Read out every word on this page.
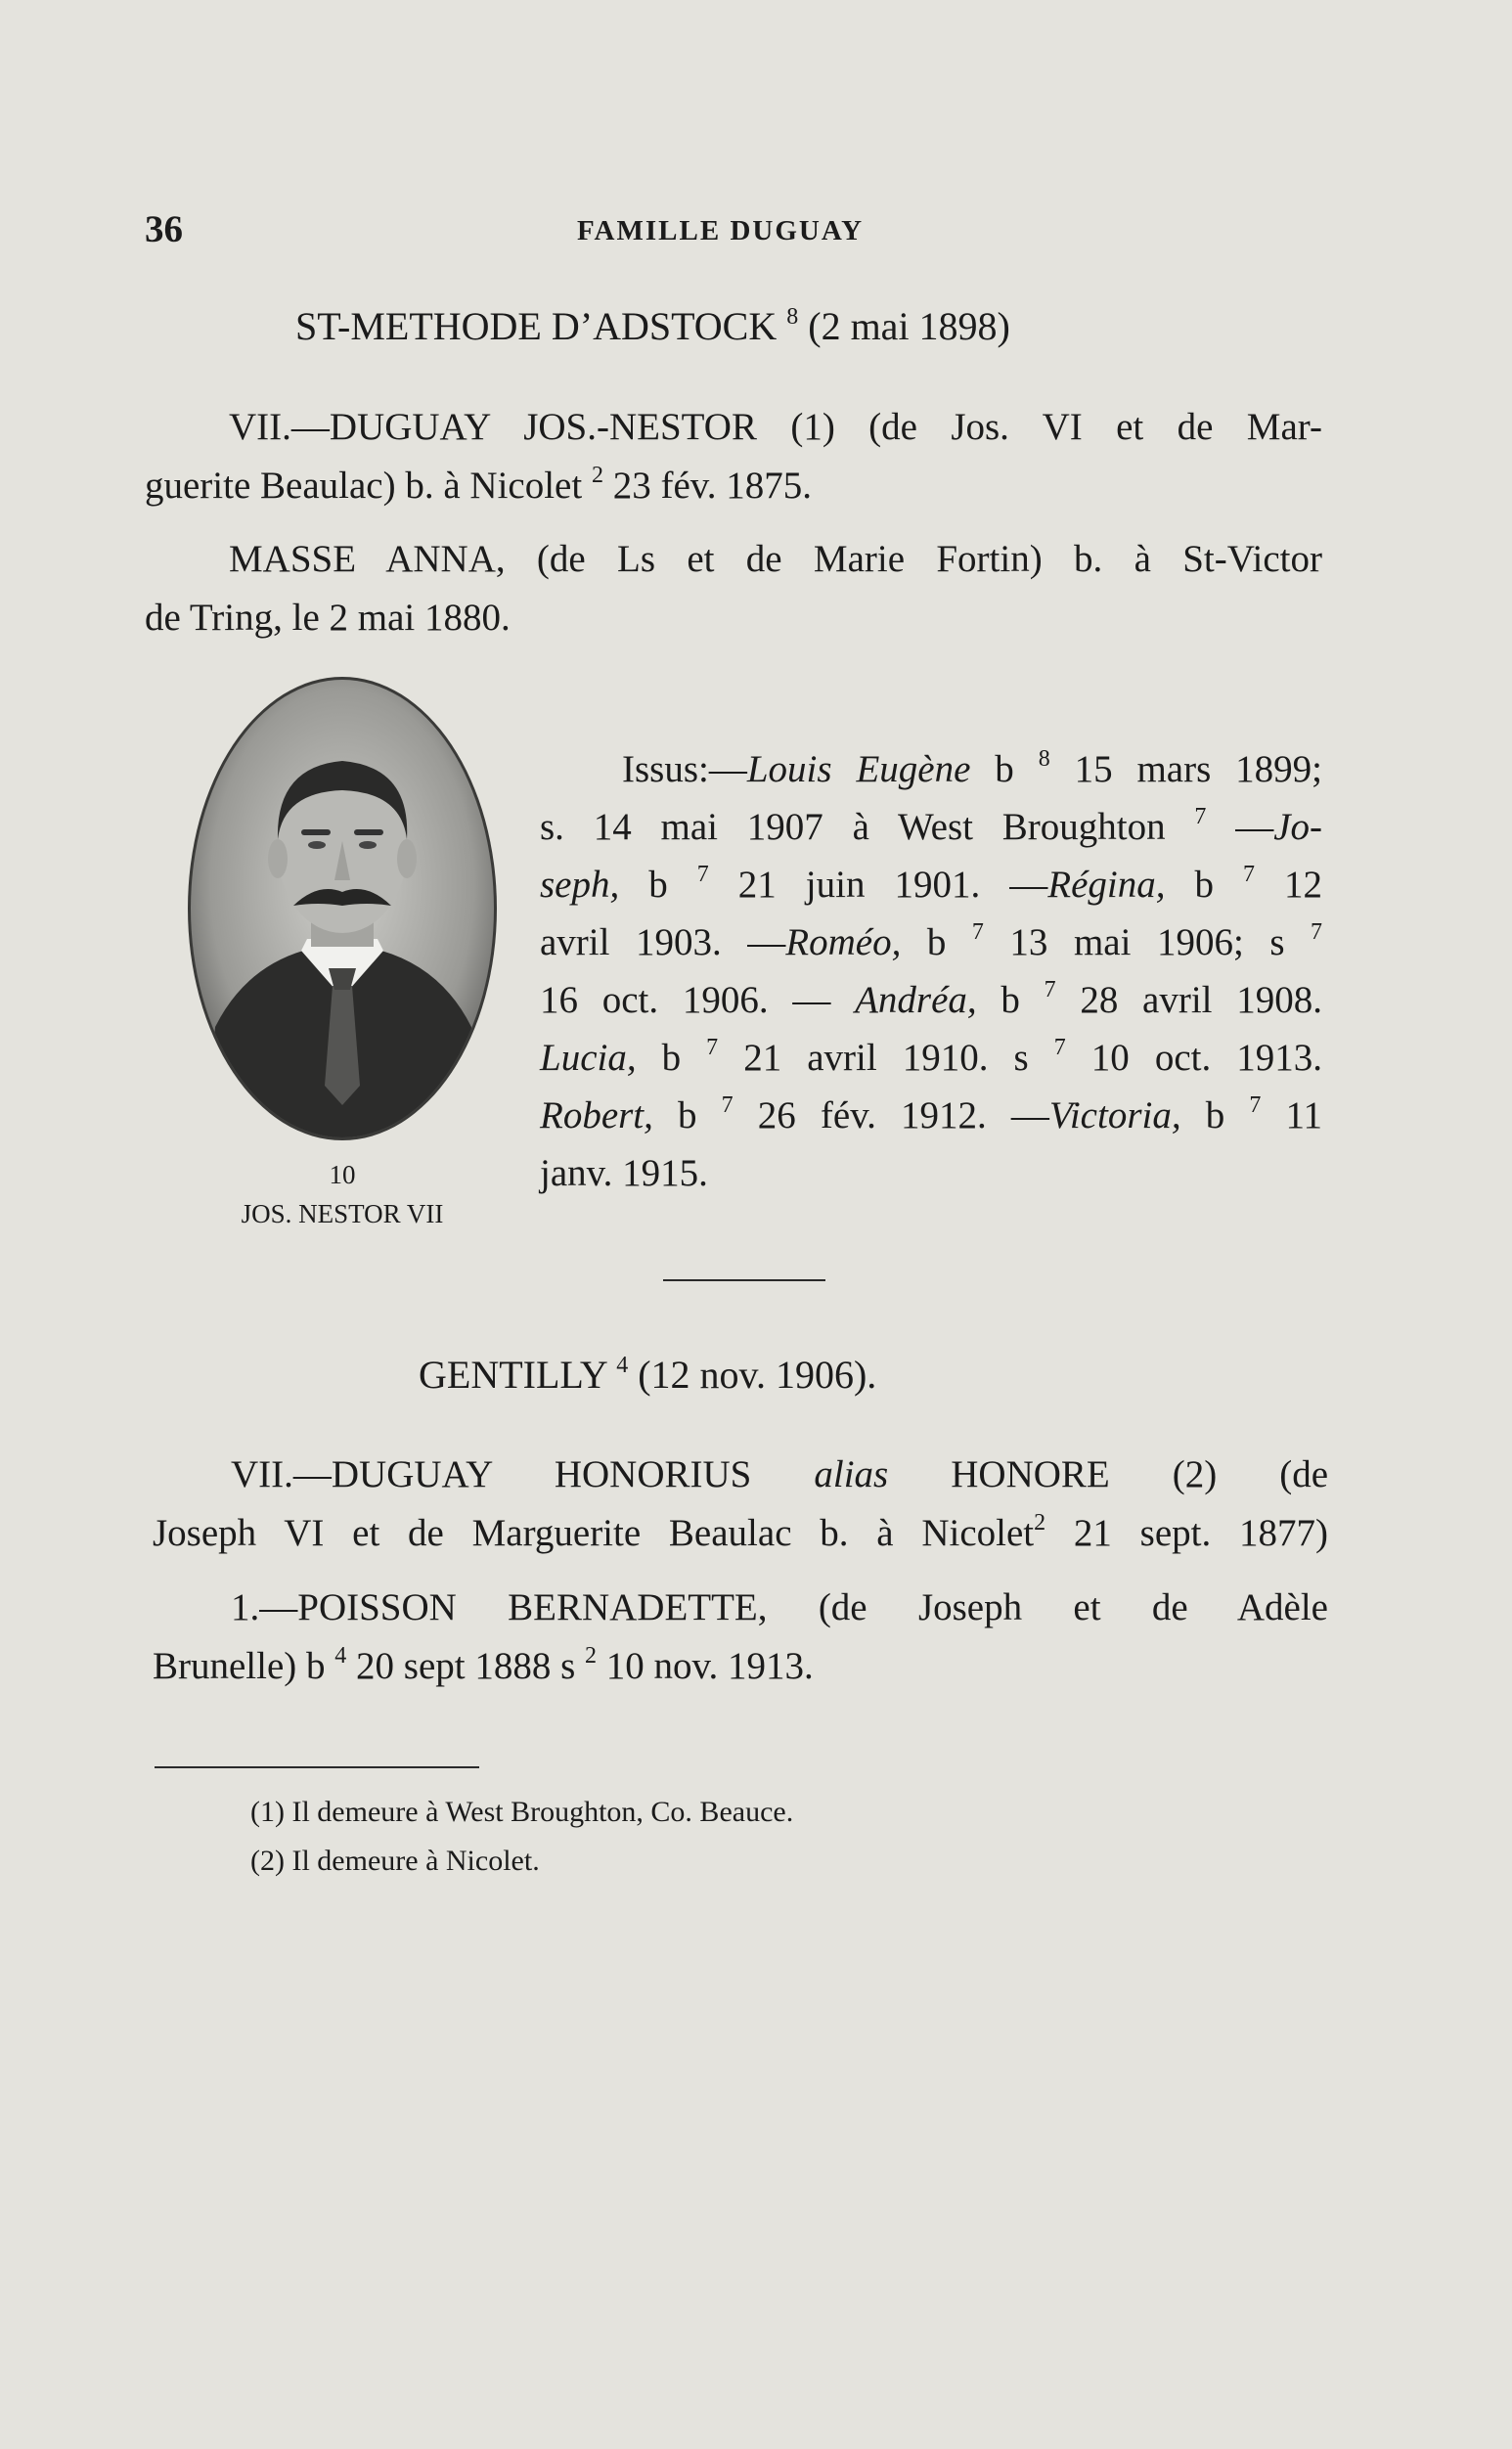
36	FAMILLE DUGUAY
ST-METHODE D’ADSTOCK $^8$ (2 mai 1898)
VII.—DUGUAY JOS.-NESTOR (1) (de Jos. VI et de Mar-
guerite Beaulac) b. à Nicolet $^2$ 23 fév. 1875.
MASSE ANNA, (de Ls et de Marie Fortin) b. à St-Victor
de Tring, le 2 mai 1880.
10
JOS. NESTOR VII
Issus:—Louis Eugène b $^8$ 15 mars 1899;
s. 14 mai 1907 à West Broughton $^7$ —Jo-
seph, b $^7$ 21 juin 1901. —Régina, b $^7$ 12
avril 1903. —Roméo, b $^7$ 13 mai 1906; s $^7$
16 oct. 1906. — Andréa, b $^7$ 28 avril 1908.
Lucia, b $^7$ 21 avril 1910. s $^7$ 10 oct. 1913.
Robert, b $^7$ 26 fév. 1912. —Victoria, b $^7$ 11
janv. 1915.
GENTILLY $^4$ (12 nov. 1906).
VII.—DUGUAY HONORIUS alias HONORE (2) (de
Joseph VI et de Marguerite Beaulac b. à Nicolet$^2$ 21 sept. 1877)
1.—POISSON BERNADETTE, (de Joseph et de Adèle
Brunelle) b $^4$ 20 sept 1888 s $^2$ 10 nov. 1913.
(1) Il demeure à West Broughton, Co. Beauce.
(2) Il demeure à Nicolet.
